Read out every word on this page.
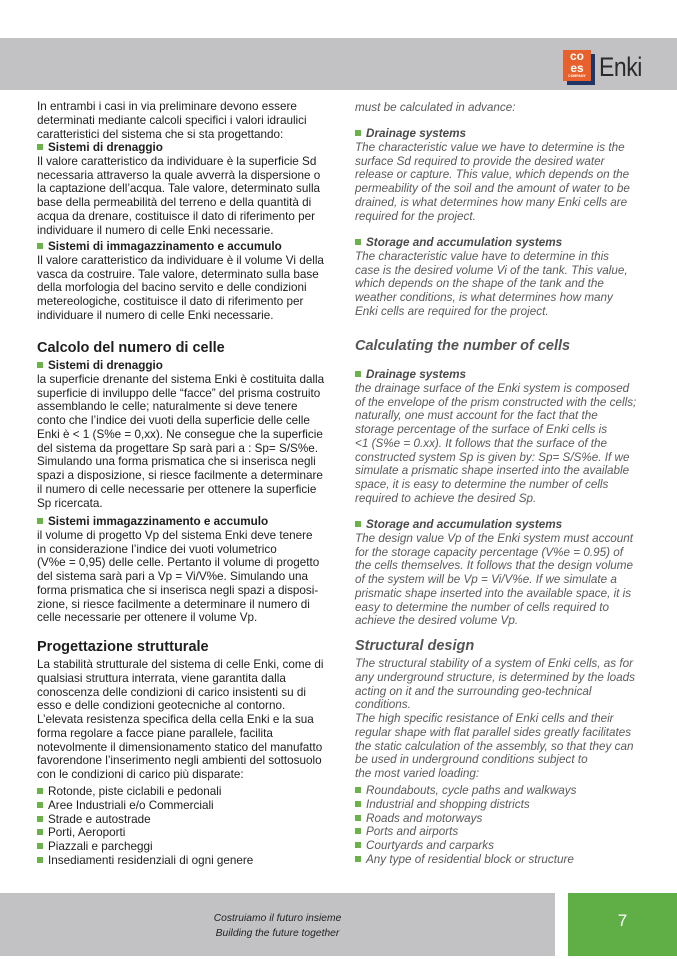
co
es
COMPANY Enki
In entrambi i casi in via preliminare devono essere
determinati mediante calcoli specifici i valori idraulici
caratteristici del sistema che si sta progettando:
Sistemi di drenaggio
Il valore caratteristico da individuare è la superficie Sd
necessaria attraverso la quale avverrà la dispersione o
la captazione dell’acqua. Tale valore, determinato sulla
base della permeabilità del terreno e della quantità di
acqua da drenare, costituisce il dato di riferimento per
individuare il numero di celle Enki necessarie.
Sistemi di immagazzinamento e accumulo
Il valore caratteristico da individuare è il volume Vi della
vasca da costruire. Tale valore, determinato sulla base
della morfologia del bacino servito e delle condizioni
metereologiche, costituisce il dato di riferimento per
individuare il numero di celle Enki necessarie.
Calcolo del numero di celle
Sistemi di drenaggio
la superficie drenante del sistema Enki è costituita dalla
superficie di inviluppo delle “facce” del prisma costruito
assemblando le celle; naturalmente si deve tenere
conto che l’indice dei vuoti della superficie delle celle
Enki è < 1 (S%e = 0,xx). Ne consegue che la superficie
del sistema da progettare Sp sarà pari a : Sp= S/S%e.
Simulando una forma prismatica che si inserisca negli
spazi a disposizione, si riesce facilmente a determinare
il numero di celle necessarie per ottenere la superficie
Sp ricercata.
Sistemi immagazzinamento e accumulo
il volume di progetto Vp del sistema Enki deve tenere
in considerazione l’indice dei vuoti volumetrico
(V%e = 0,95) delle celle. Pertanto il volume di progetto
del sistema sarà pari a Vp = Vi/V%e. Simulando una
forma prismatica che si inserisca negli spazi a disposi-
zione, si riesce facilmente a determinare il numero di
celle necessarie per ottenere il volume Vp.
Progettazione strutturale
La stabilità strutturale del sistema di celle Enki, come di
qualsiasi struttura interrata, viene garantita dalla
conoscenza delle condizioni di carico insistenti su di
esso e delle condizioni geotecniche al contorno.
L’elevata resistenza specifica della cella Enki e la sua
forma regolare a facce piane parallele, facilita
notevolmente il dimensionamento statico del manufatto
favorendone l’inserimento negli ambienti del sottosuolo
con le condizioni di carico più disparate:
Rotonde, piste ciclabili e pedonali
Aree Industriali e/o Commerciali
Strade e autostrade
Porti, Aeroporti
Piazzali e parcheggi
Insediamenti residenziali di ogni genere
must be calculated in advance:
Drainage systems
The characteristic value we have to determine is the
surface Sd required to provide the desired water
release or capture. This value, which depends on the
permeability of the soil and the amount of water to be
drained, is what determines how many Enki cells are
required for the project.
Storage and accumulation systems
The characteristic value have to determine in this
case is the desired volume Vi of the tank. This value,
which depends on the shape of the tank and the
weather conditions, is what determines how many
Enki cells are required for the project.
Calculating the number of cells
Drainage systems
the drainage surface of the Enki system is composed
of the envelope of the prism constructed with the cells;
naturally, one must account for the fact that the
storage percentage of the surface of Enki cells is
<1 (S%e = 0.xx). It follows that the surface of the
constructed system Sp is given by: Sp= S/S%e. If we
simulate a prismatic shape inserted into the available
space, it is easy to determine the number of cells
required to achieve the desired Sp.
Storage and accumulation systems
The design value Vp of the Enki system must account
for the storage capacity percentage (V%e = 0.95) of
the cells themselves. It follows that the design volume
of the system will be Vp = Vi/V%e. If we simulate a
prismatic shape inserted into the available space, it is
easy to determine the number of cells required to
achieve the desired volume Vp.
Structural design
The structural stability of a system of Enki cells, as for
any underground structure, is determined by the loads
acting on it and the surrounding geo-technical
conditions.
The high specific resistance of Enki cells and their
regular shape with flat parallel sides greatly facilitates
the static calculation of the assembly, so that they can
be used in underground conditions subject to
the most varied loading:
Roundabouts, cycle paths and walkways
Industrial and shopping districts
Roads and motorways
Ports and airports
Courtyards and carparks
Any type of residential block or structure
Costruiamo il futuro insieme
Building the future together
7
